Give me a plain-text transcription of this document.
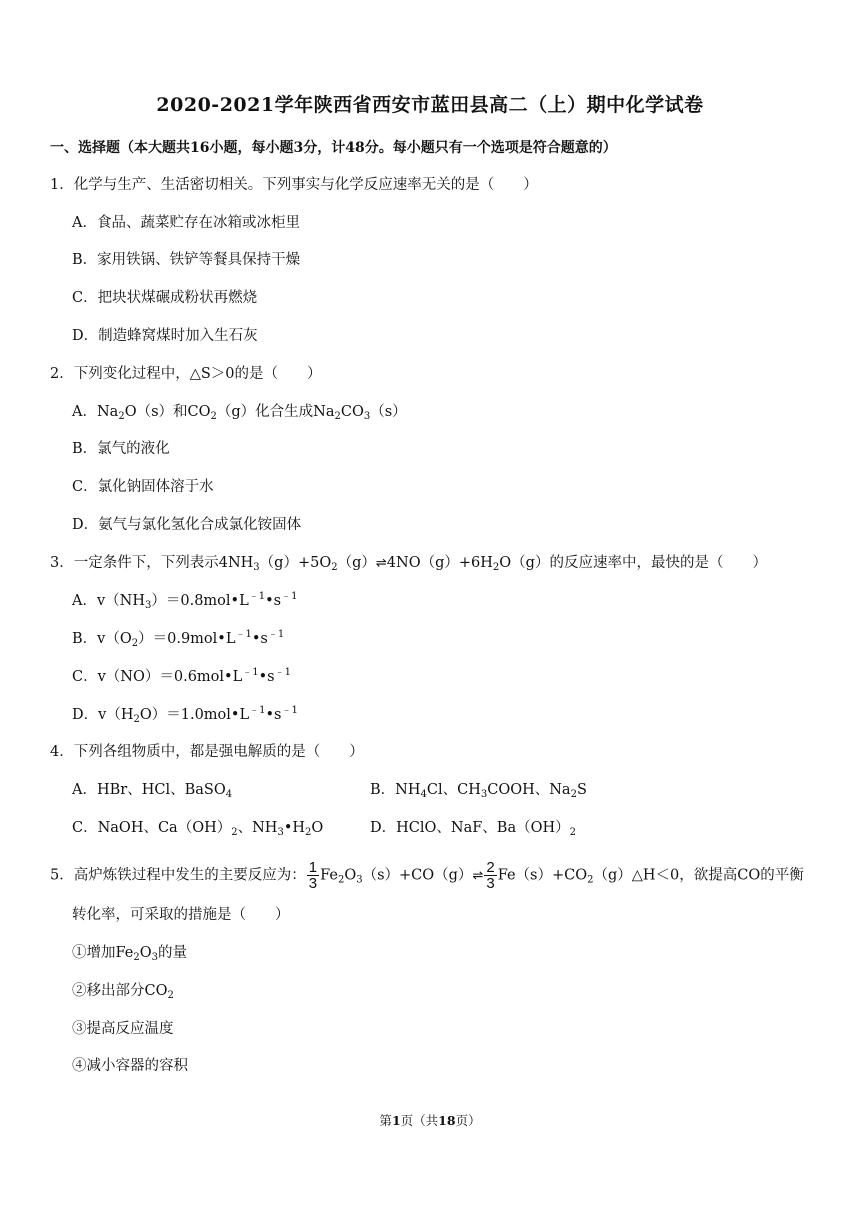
2020-2021学年陕西省西安市蓝田县高二（上）期中化学试卷
一、选择题（本大题共16小题，每小题3分，计48分。每小题只有一个选项是符合题意的）
1．化学与生产、生活密切相关。下列事实与化学反应速率无关的是（　　）
A．食品、蔬菜贮存在冰箱或冰柜里
B．家用铁锅、铁铲等餐具保持干燥
C．把块状煤碾成粉状再燃烧
D．制造蜂窝煤时加入生石灰
2．下列变化过程中，△S＞0的是（　　）
A．$Na_2O(s)$和$CO_2(g)$化合生成$Na_2CO_3(s)$
B．氯气的液化
C．氯化钠固体溶于水
D．氨气与氯化氢化合成氯化铵固体
3．一定条件下，下列表示$4NH_3(g)+5O_2(g)\rightleftharpoons 4NO(g)+6H_2O(g)$的反应速率中，最快的是（　　）
A．$v(NH_3)=0.8mol•L^{﹣1}•s^{﹣1}$
B．$v(O_2)=0.9mol•L^{﹣1}•s^{﹣1}$
C．$v(NO)=0.6mol•L^{﹣1}•s^{﹣1}$
D．$v(H_2O)=1.0mol•L^{﹣1}•s^{﹣1}$
4．下列各组物质中，都是强电解质的是（　　）
A．HBr、HCl、BaSO$_4$	B．$NH_4Cl$、$CH_3COOH$、$Na_2S$
C．NaOH、$Ca(OH)_2$、$NH_3•H_2O$	D．HClO、NaF、$Ba(OH)_2$
5．高炉炼铁过程中发生的主要反应为： $\frac{1}{3}$ $Fe_2O_3(s)+CO(g)\rightleftharpoons \frac{2}{3}$ $Fe(s)+CO_2(g)\triangle H<0$，欲提高CO的平衡
转化率，可采取的措施是（　　）
①增加$Fe_2O_3$的量
②移出部分$CO_2$
③提高反应温度
④减小容器的容积
第1页（共18页）
